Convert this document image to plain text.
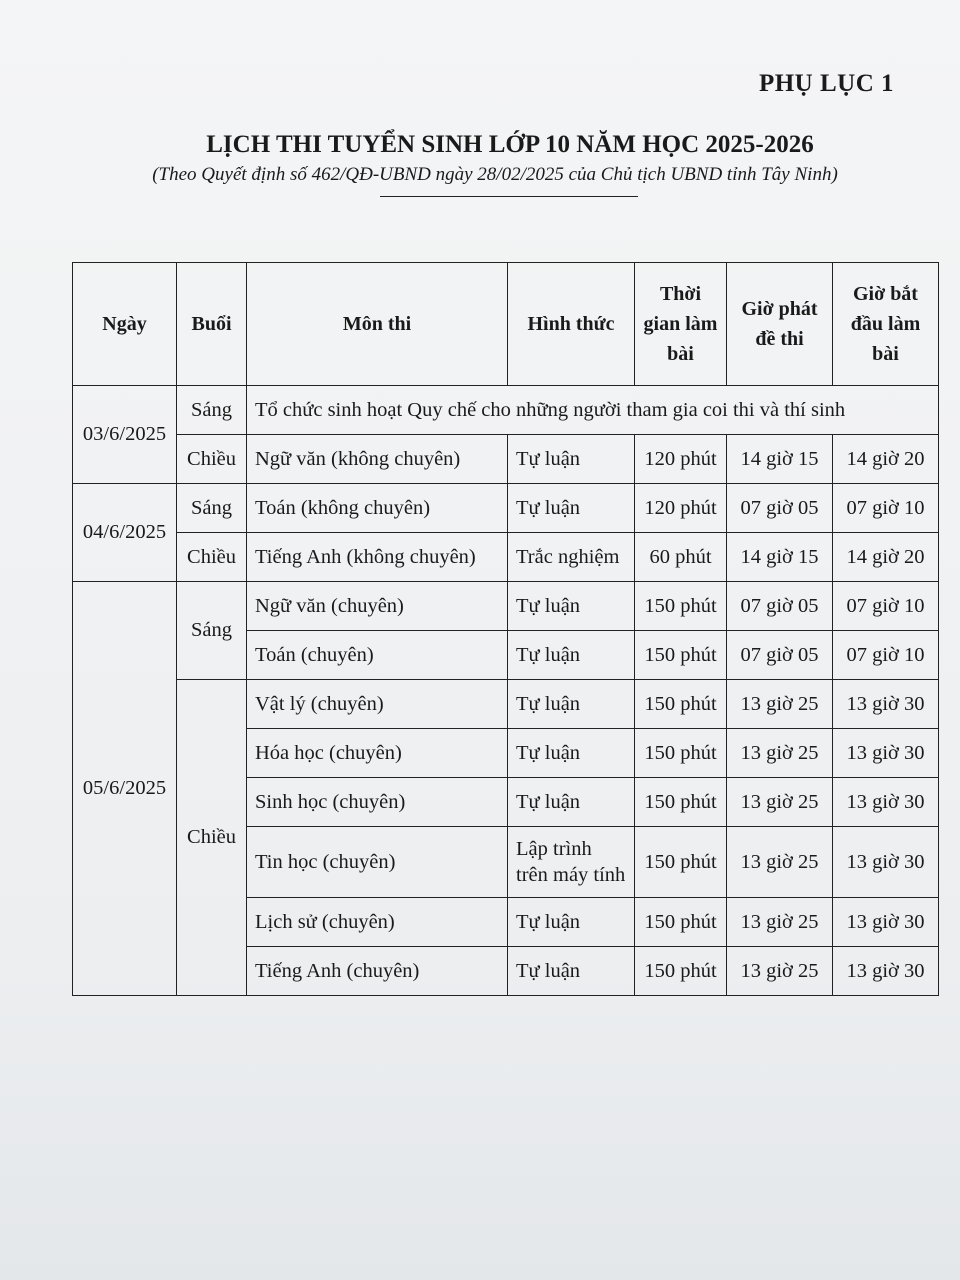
PHỤ LỤC 1
LỊCH THI TUYỂN SINH LỚP 10 NĂM HỌC 2025-2026
(Theo Quyết định số 462/QĐ-UBND ngày 28/02/2025 của Chủ tịch UBND tỉnh Tây Ninh)
Ngày	Buổi	Môn thi	Hình thức	Thời gian làm bài	Giờ phát đề thi	Giờ bắt đầu làm bài
03/6/2025	Sáng	Tổ chức sinh hoạt Quy chế cho những người tham gia coi thi và thí sinh				
	Chiều	Ngữ văn (không chuyên)	Tự luận	120 phút	14 giờ 15	14 giờ 20
04/6/2025	Sáng	Toán (không chuyên)	Tự luận	120 phút	07 giờ 05	07 giờ 10
	Chiều	Tiếng Anh (không chuyên)	Trắc nghiệm	60 phút	14 giờ 15	14 giờ 20
05/6/2025	Sáng	Ngữ văn (chuyên)	Tự luận	150 phút	07 giờ 05	07 giờ 10
		Toán (chuyên)	Tự luận	150 phút	07 giờ 05	07 giờ 10
	Chiều	Vật lý (chuyên)	Tự luận	150 phút	13 giờ 25	13 giờ 30
		Hóa học (chuyên)	Tự luận	150 phút	13 giờ 25	13 giờ 30
		Sinh học (chuyên)	Tự luận	150 phút	13 giờ 25	13 giờ 30
		Tin học (chuyên)	Lập trình trên máy tính	150 phút	13 giờ 25	13 giờ 30
		Lịch sử (chuyên)	Tự luận	150 phút	13 giờ 25	13 giờ 30
		Tiếng Anh (chuyên)	Tự luận	150 phút	13 giờ 25	13 giờ 30
